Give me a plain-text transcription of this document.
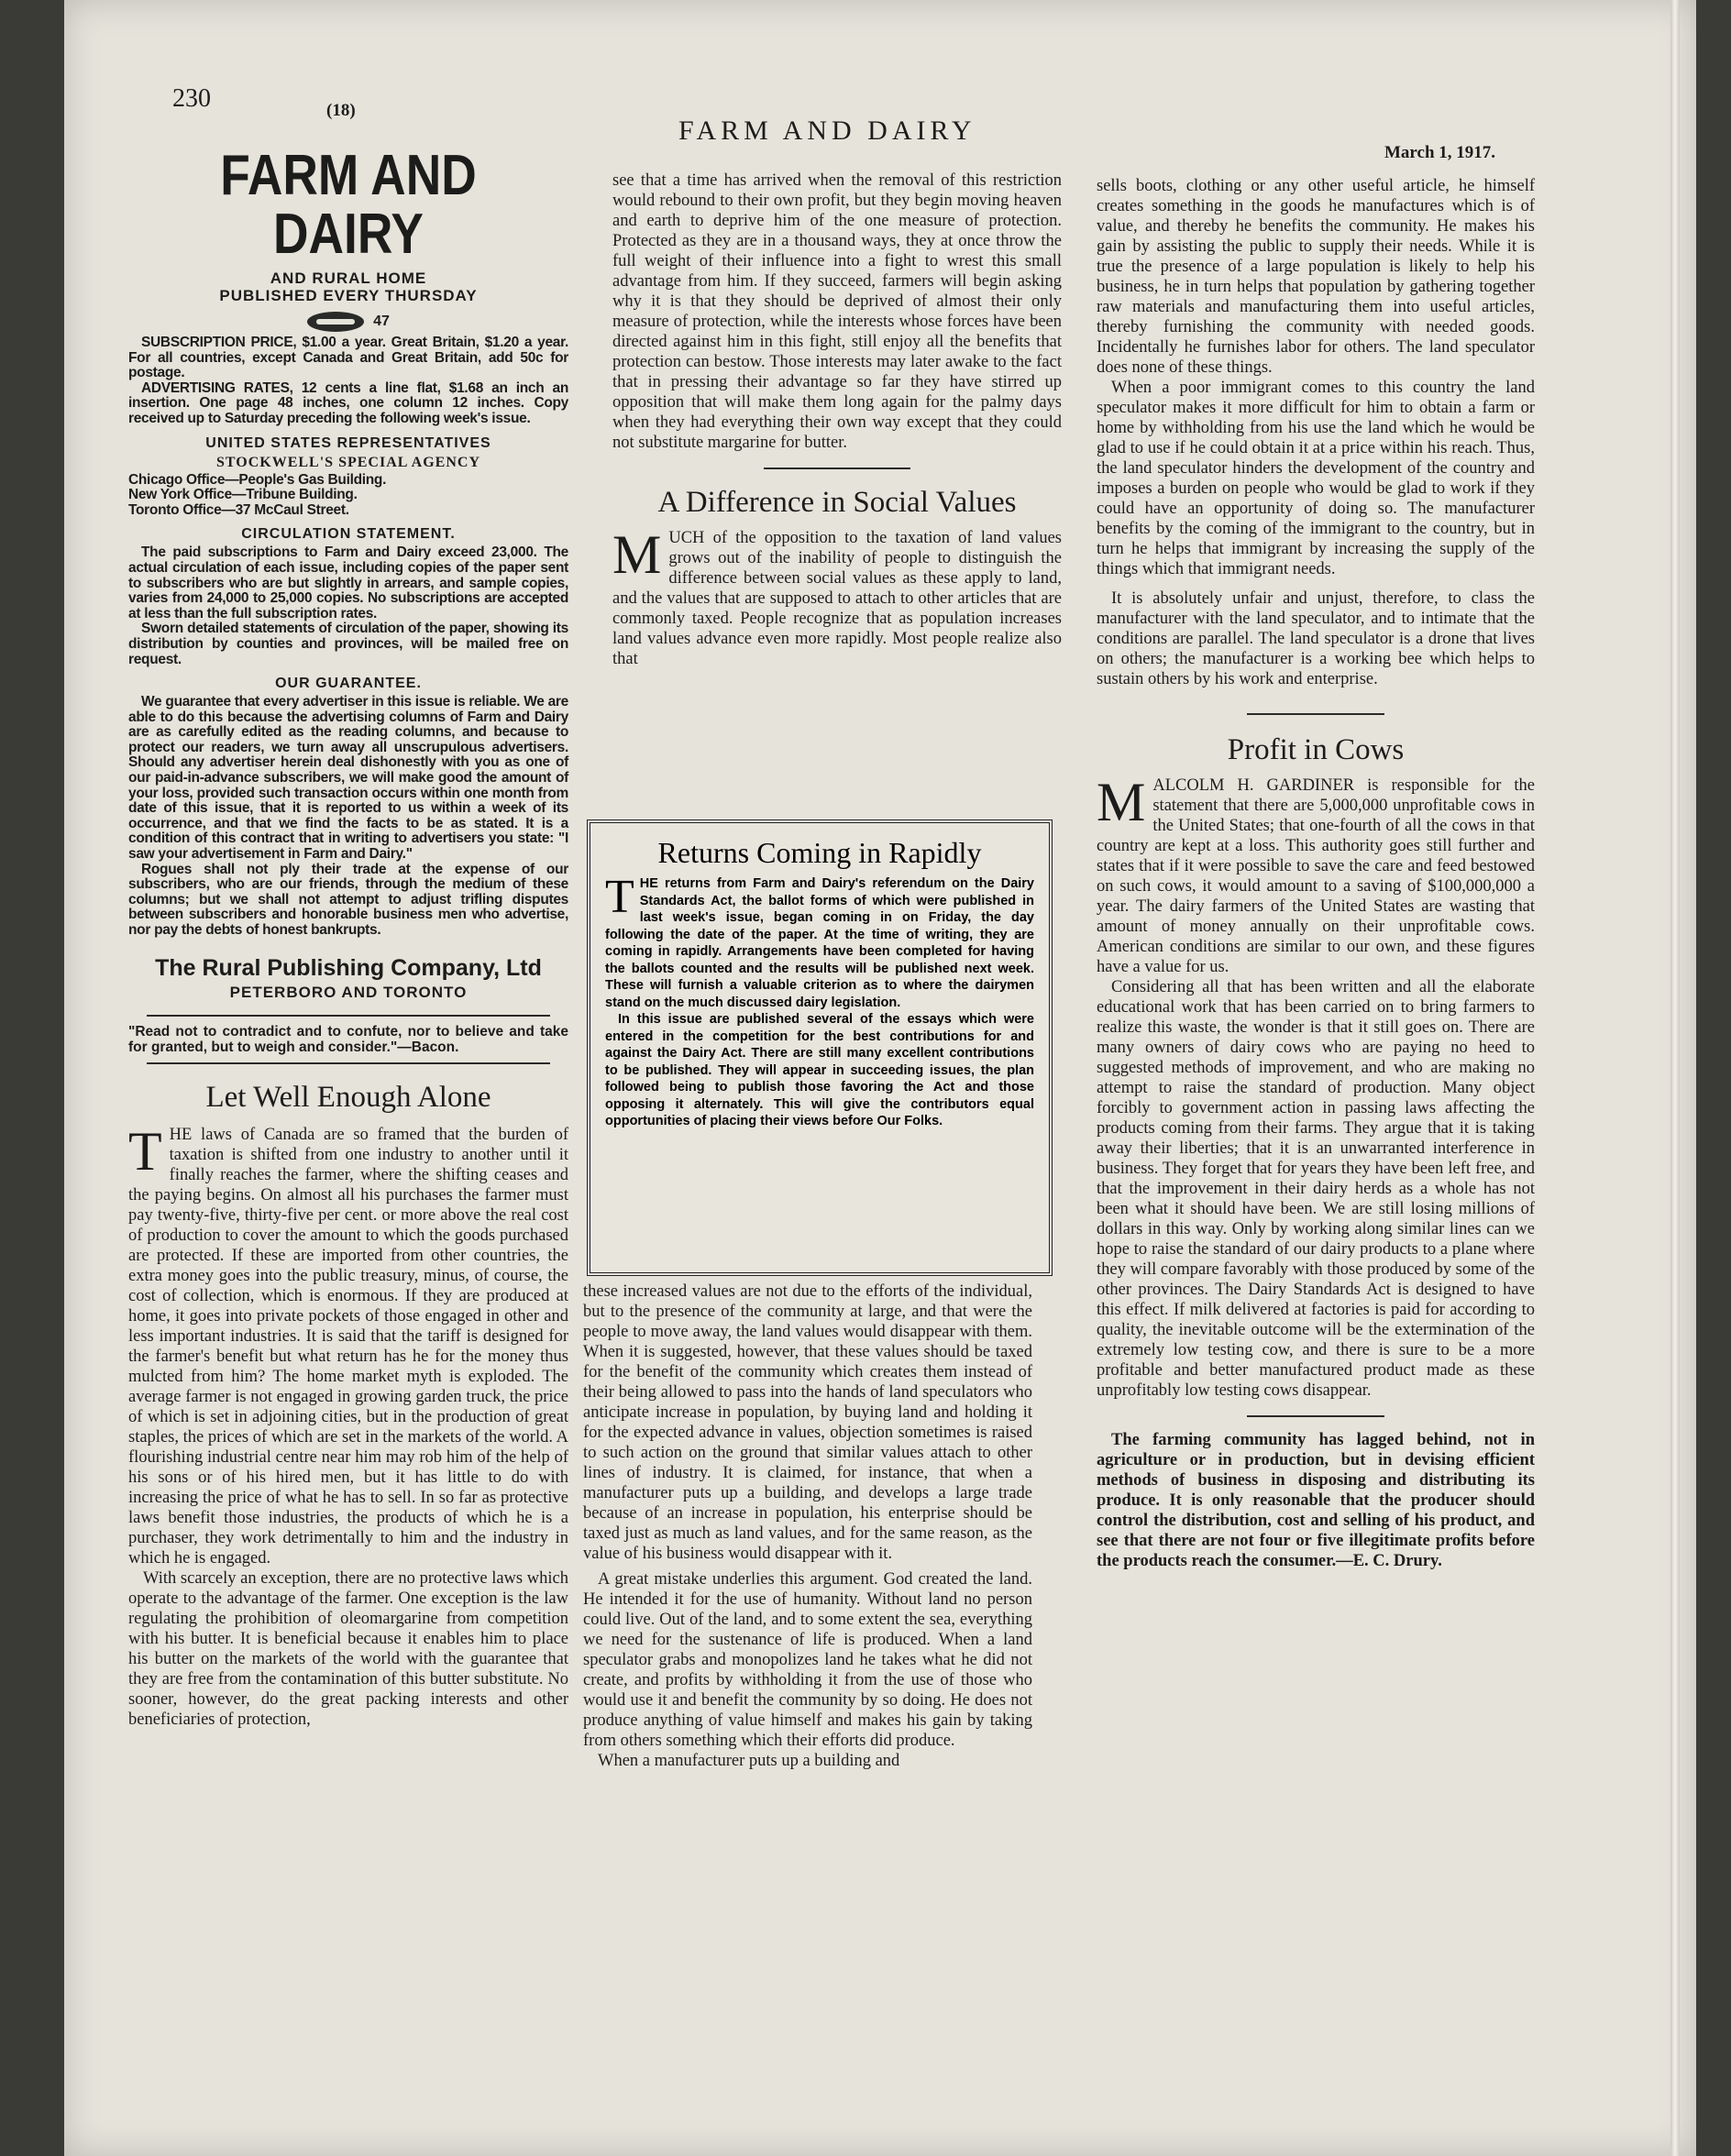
230	(18)
FARM AND DAIRY
March 1, 1917.

FARM AND DAIRY

AND RURAL HOME

PUBLISHED EVERY THURSDAY

47

SUBSCRIPTION PRICE, $1.00 a year. Great Britain, $1.20 a year. For all countries, except Canada and Great Britain, add 50c for postage.

ADVERTISING RATES, 12 cents a line flat, $1.68 an inch an insertion. One page 48 inches, one column 12 inches. Copy received up to Saturday preceding the following week's issue.

UNITED STATES REPRESENTATIVES

STOCKWELL'S SPECIAL AGENCY

Chicago Office—People's Gas Building.

New York Office—Tribune Building.

Toronto Office—37 McCaul Street.

CIRCULATION STATEMENT.

The paid subscriptions to Farm and Dairy exceed 23,000. The actual circulation of each issue, including copies of the paper sent to subscribers who are but slightly in arrears, and sample copies, varies from 24,000 to 25,000 copies. No subscriptions are accepted at less than the full subscription rates.

Sworn detailed statements of circulation of the paper, showing its distribution by counties and provinces, will be mailed free on request.

OUR GUARANTEE.

We guarantee that every advertiser in this issue is reliable. We are able to do this because the advertising columns of Farm and Dairy are as carefully edited as the reading columns, and because to protect our readers, we turn away all unscrupulous advertisers. Should any advertiser herein deal dishonestly with you as one of our paid-in-advance subscribers, we will make good the amount of your loss, provided such transaction occurs within one month from date of this issue, that it is reported to us within a week of its occurrence, and that we find the facts to be as stated. It is a condition of this contract that in writing to advertisers you state: "I saw your advertisement in Farm and Dairy."

Rogues shall not ply their trade at the expense of our subscribers, who are our friends, through the medium of these columns; but we shall not attempt to adjust trifling disputes between subscribers and honorable business men who advertise, nor pay the debts of honest bankrupts.

The Rural Publishing Company, Ltd

PETERBORO AND TORONTO

"Read not to contradict and to confute, nor to believe and take for granted, but to weigh and consider."—Bacon.

Let Well Enough Alone

THE laws of Canada are so framed that the burden of taxation is shifted from one industry to another until it finally reaches the farmer, where the shifting ceases and the paying begins. On almost all his purchases the farmer must pay twenty-five, thirty-five per cent. or more above the real cost of production to cover the amount to which the goods purchased are protected. If these are imported from other countries, the extra money goes into the public treasury, minus, of course, the cost of collection, which is enormous. If they are produced at home, it goes into private pockets of those engaged in other and less important industries. It is said that the tariff is designed for the farmer's benefit but what return has he for the money thus mulcted from him? The home market myth is exploded. The average farmer is not engaged in growing garden truck, the price of which is set in adjoining cities, but in the production of great staples, the prices of which are set in the markets of the world. A flourishing industrial centre near him may rob him of the help of his sons or of his hired men, but it has little to do with increasing the price of what he has to sell. In so far as protective laws benefit those industries, the products of which he is a purchaser, they work detrimentally to him and the industry in which he is engaged.

With scarcely an exception, there are no protective laws which operate to the advantage of the farmer. One exception is the law regulating the prohibition of oleomargarine from competition with his butter. It is beneficial because it enables him to place his butter on the markets of the world with the guarantee that they are free from the contamination of this butter substitute. No sooner, however, do the great packing interests and other beneficiaries of protection,

see that a time has arrived when the removal of this restriction would rebound to their own profit, but they begin moving heaven and earth to deprive him of the one measure of protection. Protected as they are in a thousand ways, they at once throw the full weight of their influence into a fight to wrest this small advantage from him. If they succeed, farmers will begin asking why it is that they should be deprived of almost their only measure of protection, while the interests whose forces have been directed against him in this fight, still enjoy all the benefits that protection can bestow. Those interests may later awake to the fact that in pressing their advantage so far they have stirred up opposition that will make them long again for the palmy days when they had everything their own way except that they could not substitute margarine for butter.

A Difference in Social Values

MUCH of the opposition to the taxation of land values grows out of the inability of people to distinguish the difference between social values as these apply to land, and the values that are supposed to attach to other articles that are commonly taxed. People recognize that as population increases land values advance even more rapidly. Most people realize also that

Returns Coming in Rapidly

THE returns from Farm and Dairy's referendum on the Dairy Standards Act, the ballot forms of which were published in last week's issue, began coming in on Friday, the day following the date of the paper. At the time of writing, they are coming in rapidly. Arrangements have been completed for having the ballots counted and the results will be published next week. These will furnish a valuable criterion as to where the dairymen stand on the much discussed dairy legislation.

In this issue are published several of the essays which were entered in the competition for the best contributions for and against the Dairy Act. There are still many excellent contributions to be published. They will appear in succeeding issues, the plan followed being to publish those favoring the Act and those opposing it alternately. This will give the contributors equal opportunities of placing their views before Our Folks.

these increased values are not due to the efforts of the individual, but to the presence of the community at large, and that were the people to move away, the land values would disappear with them. When it is suggested, however, that these values should be taxed for the benefit of the community which creates them instead of their being allowed to pass into the hands of land speculators who anticipate increase in population, by buying land and holding it for the expected advance in values, objection sometimes is raised to such action on the ground that similar values attach to other lines of industry. It is claimed, for instance, that when a manufacturer puts up a building, and develops a large trade because of an increase in population, his enterprise should be taxed just as much as land values, and for the same reason, as the value of his business would disappear with it.

A great mistake underlies this argument. God created the land. He intended it for the use of humanity. Without land no person could live. Out of the land, and to some extent the sea, everything we need for the sustenance of life is produced. When a land speculator grabs and monopolizes land he takes what he did not create, and profits by withholding it from the use of those who would use it and benefit the community by so doing. He does not produce anything of value himself and makes his gain by taking from others something which their efforts did produce.

When a manufacturer puts up a building and

sells boots, clothing or any other useful article, he himself creates something in the goods he manufactures which is of value, and thereby he benefits the community. He makes his gain by assisting the public to supply their needs. While it is true the presence of a large population is likely to help his business, he in turn helps that population by gathering together raw materials and manufacturing them into useful articles, thereby furnishing the community with needed goods. Incidentally he furnishes labor for others. The land speculator does none of these things.

When a poor immigrant comes to this country the land speculator makes it more difficult for him to obtain a farm or home by withholding from his use the land which he would be glad to use if he could obtain it at a price within his reach. Thus, the land speculator hinders the development of the country and imposes a burden on people who would be glad to work if they could have an opportunity of doing so. The manufacturer benefits by the coming of the immigrant to the country, but in turn he helps that immigrant by increasing the supply of the things which that immigrant needs.

It is absolutely unfair and unjust, therefore, to class the manufacturer with the land speculator, and to intimate that the conditions are parallel. The land speculator is a drone that lives on others; the manufacturer is a working bee which helps to sustain others by his work and enterprise.

Profit in Cows

MALCOLM H. GARDINER is responsible for the statement that there are 5,000,000 unprofitable cows in the United States; that one-fourth of all the cows in that country are kept at a loss. This authority goes still further and states that if it were possible to save the care and feed bestowed on such cows, it would amount to a saving of $100,000,000 a year. The dairy farmers of the United States are wasting that amount of money annually on their unprofitable cows. American conditions are similar to our own, and these figures have a value for us.

Considering all that has been written and all the elaborate educational work that has been carried on to bring farmers to realize this waste, the wonder is that it still goes on. There are many owners of dairy cows who are paying no heed to suggested methods of improvement, and who are making no attempt to raise the standard of production. Many object forcibly to government action in passing laws affecting the products coming from their farms. They argue that it is taking away their liberties; that it is an unwarranted interference in business. They forget that for years they have been left free, and that the improvement in their dairy herds as a whole has not been what it should have been. We are still losing millions of dollars in this way. Only by working along similar lines can we hope to raise the standard of our dairy products to a plane where they will compare favorably with those produced by some of the other provinces. The Dairy Standards Act is designed to have this effect. If milk delivered at factories is paid for according to quality, the inevitable outcome will be the extermination of the extremely low testing cow, and there is sure to be a more profitable and better manufactured product made as these unprofitably low testing cows disappear.

The farming community has lagged behind, not in agriculture or in production, but in devising efficient methods of business in disposing and distributing its produce. It is only reasonable that the producer should control the distribution, cost and selling of his product, and see that there are not four or five illegitimate profits before the products reach the consumer.—E. C. Drury.
